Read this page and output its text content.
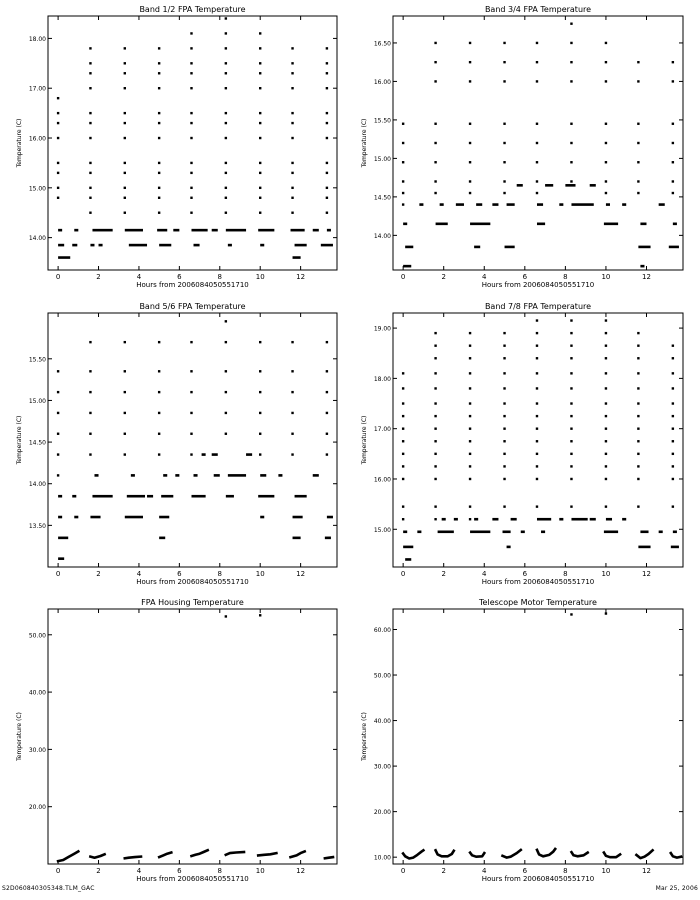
Band 1/2 FPA Temperature
Hours from 2006084050551710
Temperature (C)
0	2	4	6	8	10	12
14.00
15.00
16.00
17.00
18.00
Band 3/4 FPA Temperature
Hours from 2006084050551710
Temperature (C)
0	2	4	6	8	10	12
14.00
14.50
15.00
15.50
16.00
16.50
Band 5/6 FPA Temperature
Hours from 2006084050551710
Temperature (C)
0	2	4	6	8	10	12
13.50
14.00
14.50
15.00
15.50
Band 7/8 FPA Temperature
Hours from 2006084050551710
Temperature (C)
0	2	4	6	8	10	12
15.00
16.00
17.00
18.00
19.00
FPA Housing Temperature
Hours from 2006084050551710
Temperature (C)
0	2	4	6	8	10	12
20.00
30.00
40.00
50.00
Telescope Motor Temperature
Hours from 2006084050551710
Temperature (C)
0	2	4	6	8	10	12
10.00
20.00
30.00
40.00
50.00
60.00
S2D060840305348.TLM_GAC	Mar 25, 2006
